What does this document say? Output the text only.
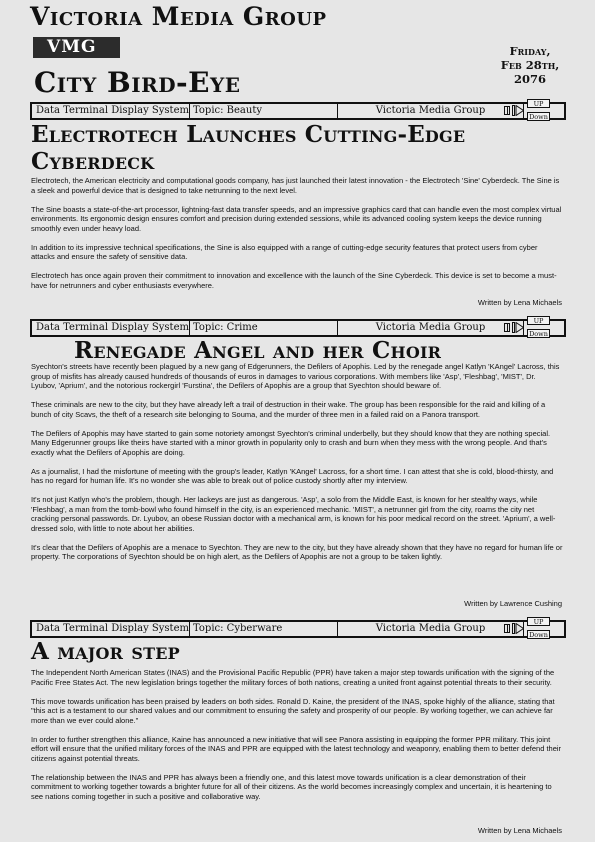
Victoria Media Group
VMG	Friday,
Feb 28th,
2076
City Bird-Eye
Data Terminal Display System Topic: Beauty	Victoria Media Group
UP
Down
Electrotech Launches Cutting-Edge Cyberdeck

Electrotech, the American electricity and computational goods company, has just launched their latest innovation - the Electrotech 'Sine' Cyberdeck. The Sine is a sleek and powerful device that is designed to take netrunning to the next level.

The Sine boasts a state-of-the-art processor, lightning-fast data transfer speeds, and an impressive graphics card that can handle even the most complex virtual environments. Its ergonomic design ensures comfort and precision during extended sessions, while its advanced cooling system keeps the device running smoothly even under heavy load.

In addition to its impressive technical specifications, the Sine is also equipped with a range of cutting-edge security features that protect users from cyber attacks and ensure the safety of sensitive data.

Electrotech has once again proven their commitment to innovation and excellence with the launch of the Sine Cyberdeck. This device is set to become a must-have for netrunners and cyber enthusiasts everywhere.

Written by Lena Michaels
Data Terminal Display System Topic: Crime	Victoria Media Group
UP
Down
Renegade Angel and her Choir

Syechton's streets have recently been plagued by a new gang of Edgerunners, the Defilers of Apophis. Led by the renegade angel Katlyn 'KAngel' Lacross, this group of misfits has already caused hundreds of thousands of euros in damages to various corporations. With members like 'Asp', 'Fleshbag', 'MIST', Dr. Lyubov, 'Aprium', and the notorious rockergirl 'Furstina', the Defilers of Apophis are a group that Syechton should beware of.

These criminals are new to the city, but they have already left a trail of destruction in their wake. The group has been responsible for the raid and killing of a bunch of city Scavs, the theft of a research site belonging to Souma, and the murder of three men in a failed raid on a Panora transport.

The Defilers of Apophis may have started to gain some notoriety amongst Syechton's criminal underbelly, but they should know that they are nothing special. Many Edgerunner groups like theirs have started with a minor growth in popularity only to crash and burn when they mess with the wrong people. And that's exactly what the Defilers of Apophis are doing.

As a journalist, I had the misfortune of meeting with the group's leader, Katlyn 'KAngel' Lacross, for a short time. I can attest that she is cold, blood-thirsty, and has no regard for human life. It's no wonder she was able to break out of police custody shortly after my interview.

It's not just Katlyn who's the problem, though. Her lackeys are just as dangerous. 'Asp', a solo from the Middle East, is known for her stealthy ways, while 'Fleshbag', a man from the tomb-bowl who found himself in the city, is an experienced mechanic. 'MIST', a netrunner girl from the city, roams the city net cracking personal passwords. Dr. Lyubov, an obese Russian doctor with a mechanical arm, is known for his poor medical record on the street. 'Aprium', a well-dressed solo, with little to note about her abilities.

It's clear that the Defilers of Apophis are a menace to Syechton. They are new to the city, but they have already shown that they have no regard for human life or property. The corporations of Syechton should be on high alert, as the Defilers of Apophis are not a group to be taken lightly.

Written by Lawrence Cushing
Data Terminal Display System Topic: Cyberware	Victoria Media Group
UP
Down
A major step

The Independent North American States (INAS) and the Provisional Pacific Republic (PPR) have taken a major step towards unification with the signing of the Pacific Free States Act. The new legislation brings together the military forces of both nations, creating a united front against potential threats to their security.

This move towards unification has been praised by leaders on both sides. Ronald D. Kaine, the president of the INAS, spoke highly of the alliance, stating that "this act is a testament to our shared values and our commitment to ensuring the safety and prosperity of our people. By working together, we can achieve far more than we ever could alone."

In order to further strengthen this alliance, Kaine has announced a new initiative that will see Panora assisting in equipping the former PPR military. This joint effort will ensure that the unified military forces of the INAS and PPR are equipped with the latest technology and weaponry, enabling them to better defend their citizens against potential threats.

The relationship between the INAS and PPR has always been a friendly one, and this latest move towards unification is a clear demonstration of their commitment to working together towards a brighter future for all of their citizens. As the world becomes increasingly complex and uncertain, it is heartening to see nations coming together in such a positive and collaborative way.

Written by Lena Michaels
